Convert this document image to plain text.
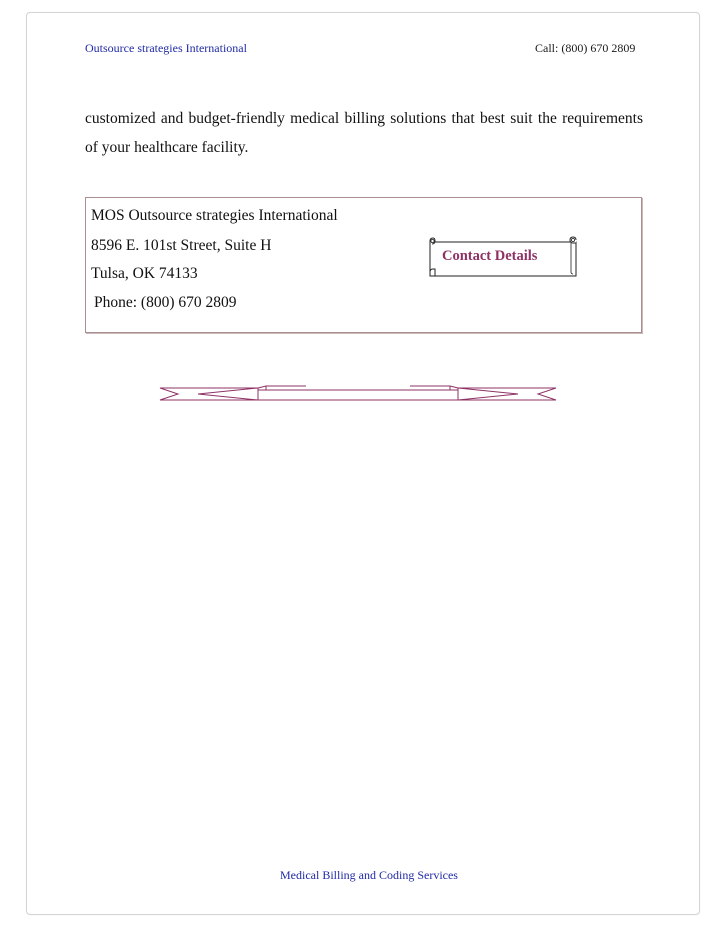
Outsource strategies International	Call: (800) 670 2809
customized and budget-friendly medical billing solutions that best suit the requirements of your healthcare facility.
MOS Outsource strategies International
8596 E. 101st Street, Suite H
Tulsa, OK 74133
Phone: (800) 670 2809
Contact Details
Medical Billing and Coding Services
